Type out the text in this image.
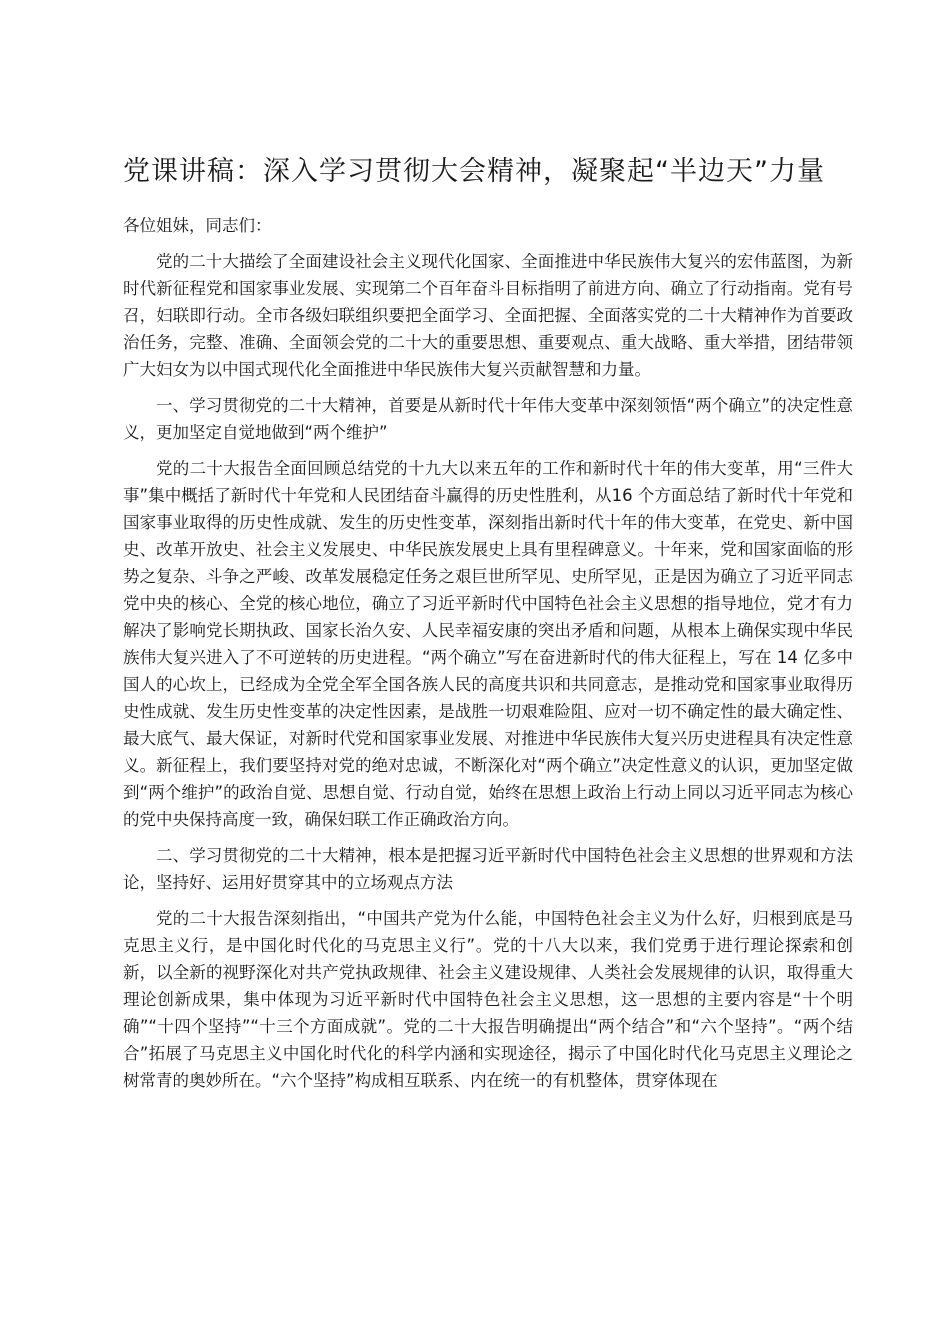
党课讲稿：深入学习贯彻大会精神，凝聚起“半边天”力量

各位姐妹，同志们：

党的二十大描绘了全面建设社会主义现代化国家、全面推进中华民族伟大复兴的宏伟蓝图，为新时代新征程党和国家事业发展、实现第二个百年奋斗目标指明了前进方向、确立了行动指南。党有号召，妇联即行动。全市各级妇联组织要把全面学习、全面把握、全面落实党的二十大精神作为首要政治任务，完整、准确、全面领会党的二十大的重要思想、重要观点、重大战略、重大举措，团结带领广大妇女为以中国式现代化全面推进中华民族伟大复兴贡献智慧和力量。

一、学习贯彻党的二十大精神，首要是从新时代十年伟大变革中深刻领悟“两个确立”的决定性意义，更加坚定自觉地做到“两个维护”

党的二十大报告全面回顾总结党的十九大以来五年的工作和新时代十年的伟大变革，用“三件大事”集中概括了新时代十年党和人民团结奋斗赢得的历史性胜利，从16 个方面总结了新时代十年党和国家事业取得的历史性成就、发生的历史性变革，深刻指出新时代十年的伟大变革，在党史、新中国史、改革开放史、社会主义发展史、中华民族发展史上具有里程碑意义。十年来，党和国家面临的形势之复杂、斗争之严峻、改革发展稳定任务之艰巨世所罕见、史所罕见，正是因为确立了习近平同志党中央的核心、全党的核心地位，确立了习近平新时代中国特色社会主义思想的指导地位，党才有力解决了影响党长期执政、国家长治久安、人民幸福安康的突出矛盾和问题，从根本上确保实现中华民族伟大复兴进入了不可逆转的历史进程。“两个确立”写在奋进新时代的伟大征程上，写在 14 亿多中国人的心坎上，已经成为全党全军全国各族人民的高度共识和共同意志，是推动党和国家事业取得历史性成就、发生历史性变革的决定性因素，是战胜一切艰难险阻、应对一切不确定性的最大确定性、最大底气、最大保证，对新时代党和国家事业发展、对推进中华民族伟大复兴历史进程具有决定性意义。新征程上，我们要坚持对党的绝对忠诚，不断深化对“两个确立”决定性意义的认识，更加坚定做到“两个维护”的政治自觉、思想自觉、行动自觉，始终在思想上政治上行动上同以习近平同志为核心的党中央保持高度一致，确保妇联工作正确政治方向。

二、学习贯彻党的二十大精神，根本是把握习近平新时代中国特色社会主义思想的世界观和方法论，坚持好、运用好贯穿其中的立场观点方法

党的二十大报告深刻指出，“中国共产党为什么能，中国特色社会主义为什么好，归根到底是马克思主义行，是中国化时代化的马克思主义行”。党的十八大以来，我们党勇于进行理论探索和创新，以全新的视野深化对共产党执政规律、社会主义建设规律、人类社会发展规律的认识，取得重大理论创新成果，集中体现为习近平新时代中国特色社会主义思想，这一思想的主要内容是“十个明确”“十四个坚持”“十三个方面成就”。党的二十大报告明确提出“两个结合”和“六个坚持”。“两个结合”拓展了马克思主义中国化时代化的科学内涵和实现途径，揭示了中国化时代化马克思主义理论之树常青的奥妙所在。“六个坚持”构成相互联系、内在统一的有机整体，贯穿体现在
